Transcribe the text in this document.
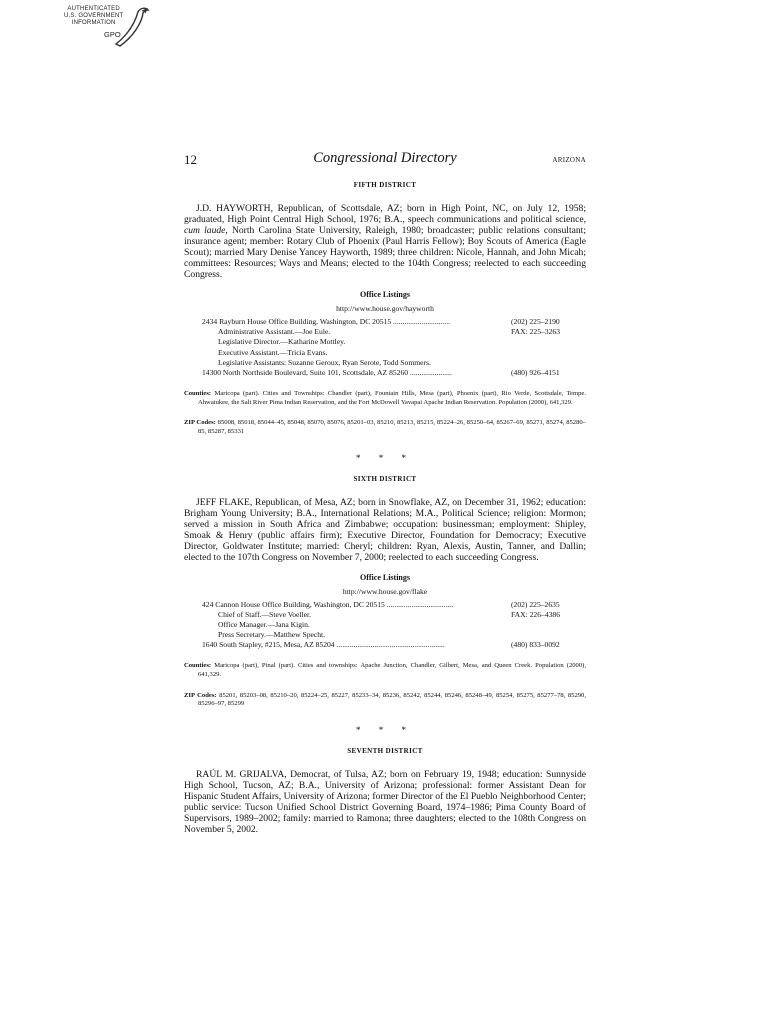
AUTHENTICATED
U.S. GOVERNMENT
INFORMATION
GPO
12	Congressional Directory	ARIZONA
FIFTH DISTRICT

J.D. HAYWORTH, Republican, of Scottsdale, AZ; born in High Point, NC, on July 12, 1958; graduated, High Point Central High School, 1976; B.A., speech communications and political science, cum laude, North Carolina State University, Raleigh, 1980; broadcaster; public relations consultant; insurance agent; member: Rotary Club of Phoenix (Paul Harris Fellow); Boy Scouts of America (Eagle Scout); married Mary Denise Yancey Hayworth, 1989; three children: Nicole, Hannah, and John Micah; committees: Resources; Ways and Means; elected to the 104th Congress; reelected to each succeeding Congress.

Office Listings
http://www.house.gov/hayworth
2434 Rayburn House Office Building, Washington, DC 20515 ..............................	(202) 225–2190
Administrative Assistant.—Joe Eule.	FAX: 225–3263
Legislative Director.—Katharine Mottley.
Executive Assistant.—Tricia Evans.
Legislative Assistants: Suzanne Geroux, Ryan Serote, Todd Sommers.
14300 North Northside Boulevard, Suite 101, Scottsdale, AZ 85260 ......................	(480) 926–4151

Counties: Maricopa (part). Cities and Townships: Chandler (part), Fountain Hills, Mesa (part), Phoenix (part), Rio Verde, Scottsdale, Tempe. Ahwatukee, the Salt River Pima Indian Reservation, and the Fort McDowell Yavapai Apache Indian Reservation. Population (2000), 641,329.

ZIP Codes: 85008, 85018, 85044–45, 85048, 85070, 85076, 85201–03, 85210, 85213, 85215, 85224–26, 85250–64, 85267–69, 85271, 85274, 85280–85, 85287, 85331

* * *
SIXTH DISTRICT

JEFF FLAKE, Republican, of Mesa, AZ; born in Snowflake, AZ, on December 31, 1962; education: Brigham Young University; B.A., International Relations; M.A., Political Science; religion: Mormon; served a mission in South Africa and Zimbabwe; occupation: businessman; employment: Shipley, Smoak & Henry (public affairs firm); Executive Director, Foundation for Democracy; Executive Director, Goldwater Institute; married: Cheryl; children: Ryan, Alexis, Austin, Tanner, and Dallin; elected to the 107th Congress on November 7, 2000; reelected to each succeeding Congress.

Office Listings
http://www.house.gov/flake
424 Cannon House Office Building, Washington, DC 20515 ...................................	(202) 225–2635
Chief of Staff.—Steve Voeller.	FAX: 226–4386
Office Manager.—Jana Kigin.
Press Secretary.—Matthew Specht.
1640 South Stapley, #215, Mesa, AZ 85204 .........................................................	(480) 833–0092

Counties: Maricopa (part), Pinal (part). Cities and townships: Apache Junction, Chandler, Gilbert, Mesa, and Queen Creek. Population (2000), 641,329.

ZIP Codes: 85201, 85203–08, 85210–20, 85224–25, 85227, 85233–34, 85236, 85242, 85244, 85246, 85248–49, 85254, 85275, 85277–78, 85290, 85296–97, 85299

* * *
SEVENTH DISTRICT

RAÚL M. GRIJALVA, Democrat, of Tulsa, AZ; born on February 19, 1948; education: Sunnyside High School, Tucson, AZ; B.A., University of Arizona; professional: former Assistant Dean for Hispanic Student Affairs, University of Arizona; former Director of the El Pueblo Neighborhood Center; public service: Tucson Unified School District Governing Board, 1974–1986; Pima County Board of Supervisors, 1989–2002; family: married to Ramona; three daughters; elected to the 108th Congress on November 5, 2002.
